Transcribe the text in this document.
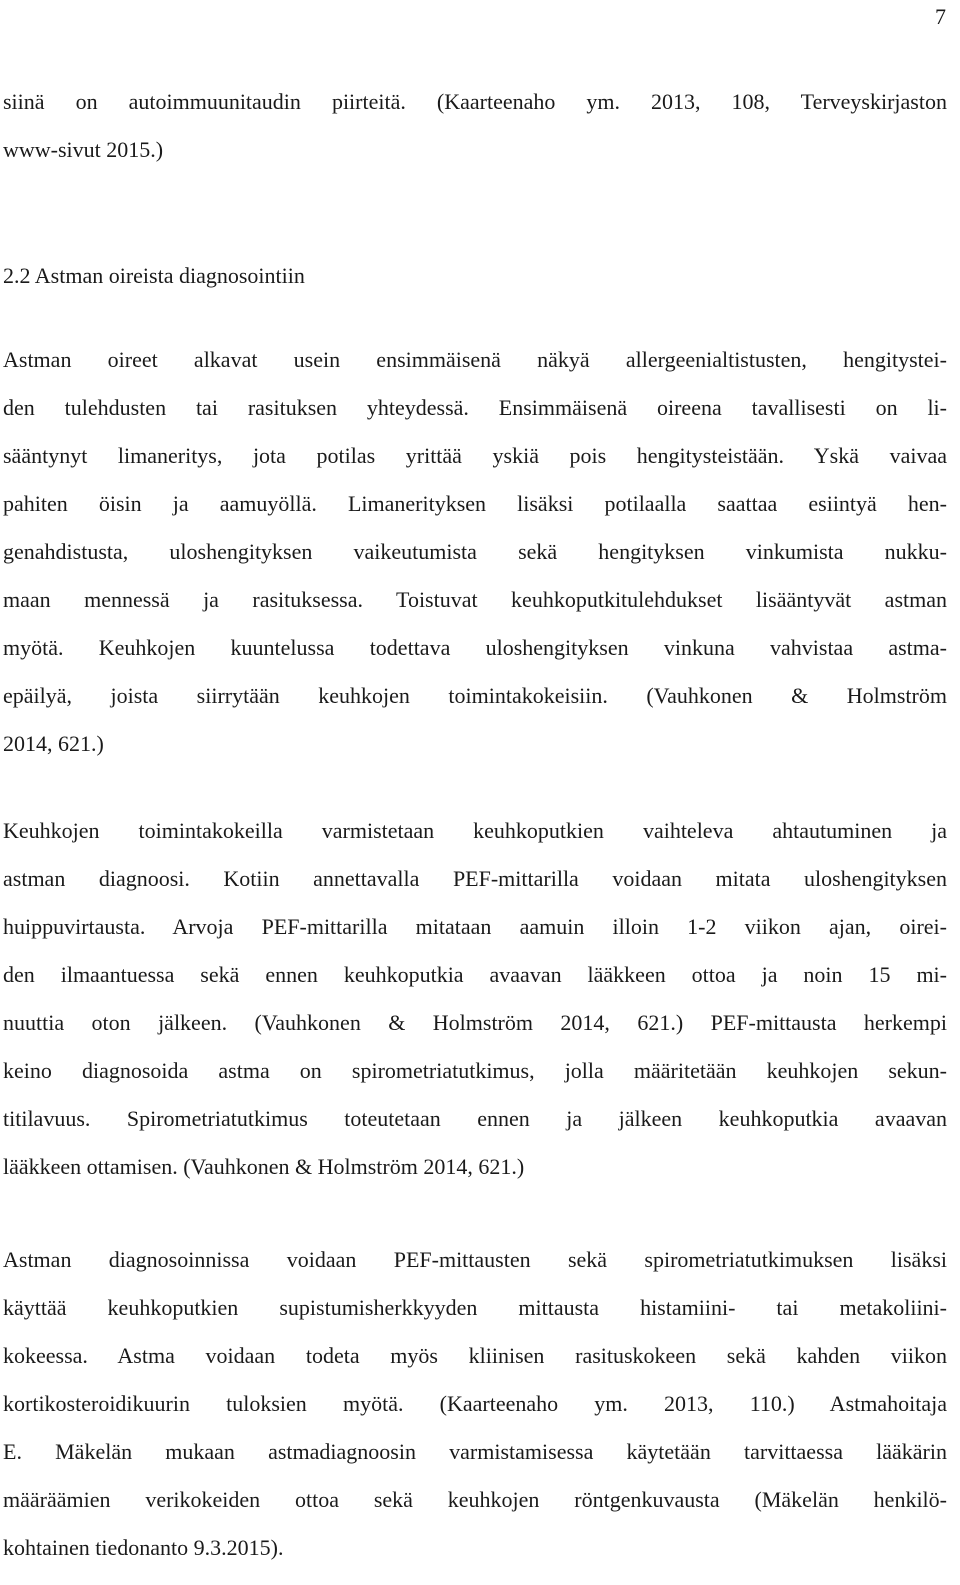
7
siinä on autoimmuunitaudin piirteitä. (Kaarteenaho ym. 2013, 108, Terveyskirjaston
www-sivut 2015.)
2.2 Astman oireista diagnosointiin
Astman oireet alkavat usein ensimmäisenä näkyä allergeenialtistusten, hengitystei-
den tulehdusten tai rasituksen yhteydessä. Ensimmäisenä oireena tavallisesti on li-
sääntynyt limaneritys, jota potilas yrittää yskiä pois hengitysteistään. Yskä vaivaa
pahiten öisin ja aamuyöllä. Limanerityksen lisäksi potilaalla saattaa esiintyä hen-
genahdistusta, uloshengityksen vaikeutumista sekä hengityksen vinkumista nukku-
maan mennessä ja rasituksessa. Toistuvat keuhkoputkitulehdukset lisääntyvät astman
myötä. Keuhkojen kuuntelussa todettava uloshengityksen vinkuna vahvistaa astma-
epäilyä, joista siirrytään keuhkojen toimintakokeisiin. (Vauhkonen & Holmström
2014, 621.)
Keuhkojen toimintakokeilla varmistetaan keuhkoputkien vaihteleva ahtautuminen ja
astman diagnoosi. Kotiin annettavalla PEF-mittarilla voidaan mitata uloshengityksen
huippuvirtausta. Arvoja PEF-mittarilla mitataan aamuin illoin 1-2 viikon ajan, oirei-
den ilmaantuessa sekä ennen keuhkoputkia avaavan lääkkeen ottoa ja noin 15 mi-
nuuttia oton jälkeen. (Vauhkonen & Holmström 2014, 621.) PEF-mittausta herkempi
keino diagnosoida astma on spirometriatutkimus, jolla määritetään keuhkojen sekun-
titilavuus. Spirometriatutkimus toteutetaan ennen ja jälkeen keuhkoputkia avaavan
lääkkeen ottamisen. (Vauhkonen & Holmström 2014, 621.)
Astman diagnosoinnissa voidaan PEF-mittausten sekä spirometriatutkimuksen lisäksi
käyttää keuhkoputkien supistumisherkkyyden mittausta histamiini- tai metakoliini-
kokeessa. Astma voidaan todeta myös kliinisen rasituskokeen sekä kahden viikon
kortikosteroidikuurin tuloksien myötä. (Kaarteenaho ym. 2013, 110.) Astmahoitaja
E. Mäkelän mukaan astmadiagnoosin varmistamisessa käytetään tarvittaessa lääkärin
määräämien verikokeiden ottoa sekä keuhkojen röntgenkuvausta (Mäkelän henkilö-
kohtainen tiedonanto 9.3.2015).
